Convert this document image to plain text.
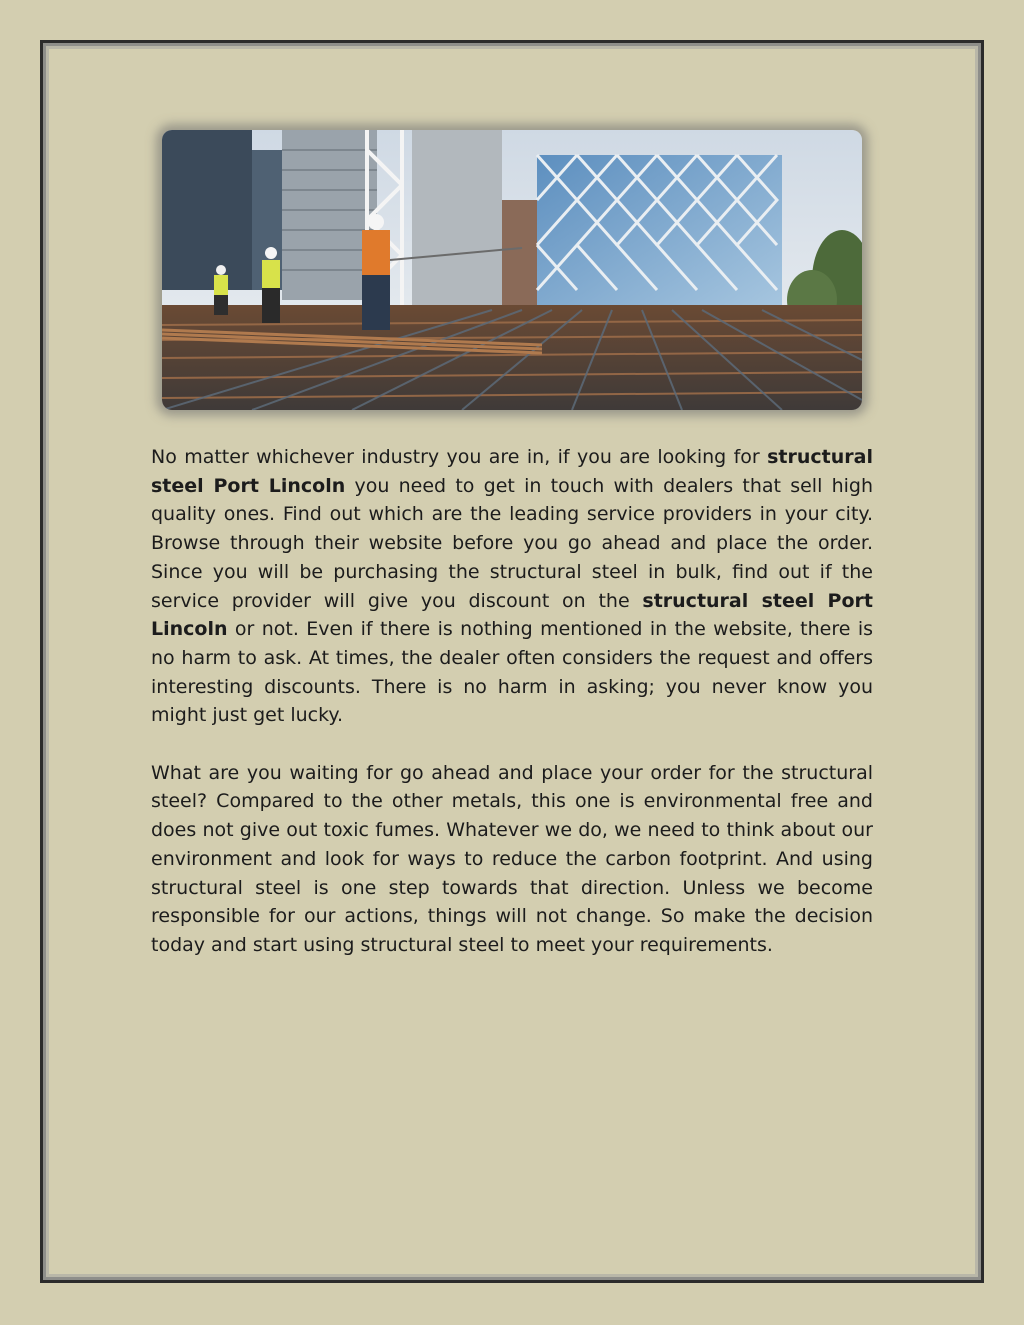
No matter whichever industry you are in, if you are looking for structural steel Port Lincoln you need to get in touch with dealers that sell high quality ones. Find out which are the leading service providers in your city. Browse through their website before you go ahead and place the order. Since you will be purchasing the structural steel in bulk, find out if the service provider will give you discount on the structural steel Port Lincoln or not. Even if there is nothing mentioned in the website, there is no harm to ask. At times, the dealer often considers the request and offers interesting discounts. There is no harm in asking; you never know you might just get lucky.

What are you waiting for go ahead and place your order for the structural steel? Compared to the other metals, this one is environmental free and does not give out toxic fumes. Whatever we do, we need to think about our environment and look for ways to reduce the carbon footprint. And using structural steel is one step towards that direction. Unless we become responsible for our actions, things will not change. So make the decision today and start using structural steel to meet your requirements.
